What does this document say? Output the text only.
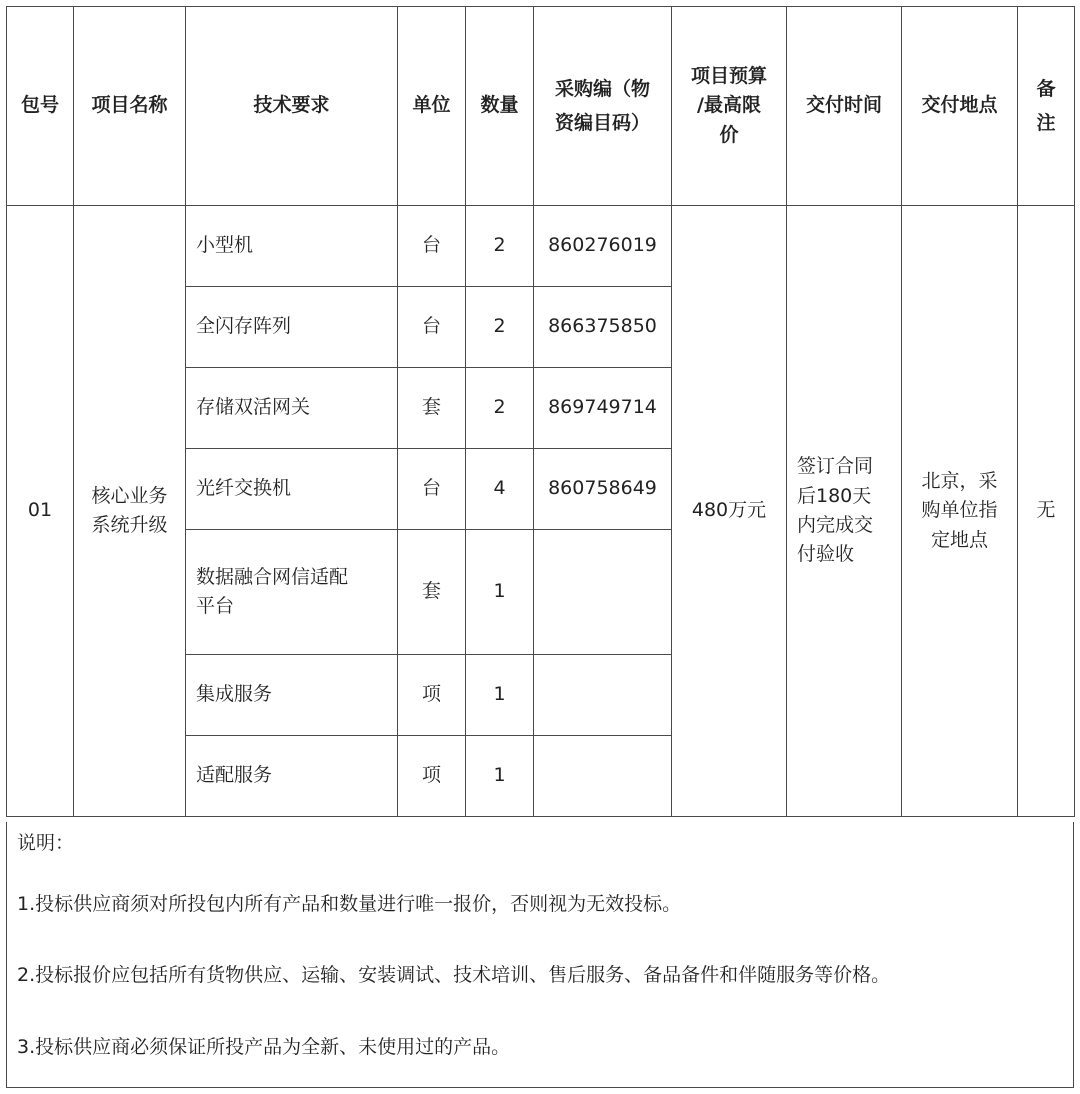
包号	项目名称	技术要求	单位	数量	采购编（物
资编目码）	项目预算
/最高限
价	交付时间	交付地点	备
注
01	核心业务
系统升级	小型机	台	2	860276019	480万元	签订合同
后180天
内完成交
付验收	北京，采
购单位指
定地点	无
		全闪存阵列	台	2	866375850				
		存储双活网关	套	2	869749714				
		光纤交换机	台	4	860758649				
		数据融合网信适配
平台	套	1					
		集成服务	项	1					
		适配服务	项	1					

说明：

1.投标供应商须对所投包内所有产品和数量进行唯一报价，否则视为无效投标。

2.投标报价应包括所有货物供应、运输、安装调试、技术培训、售后服务、备品备件和伴随服务等价格。

3.投标供应商必须保证所投产品为全新、未使用过的产品。
